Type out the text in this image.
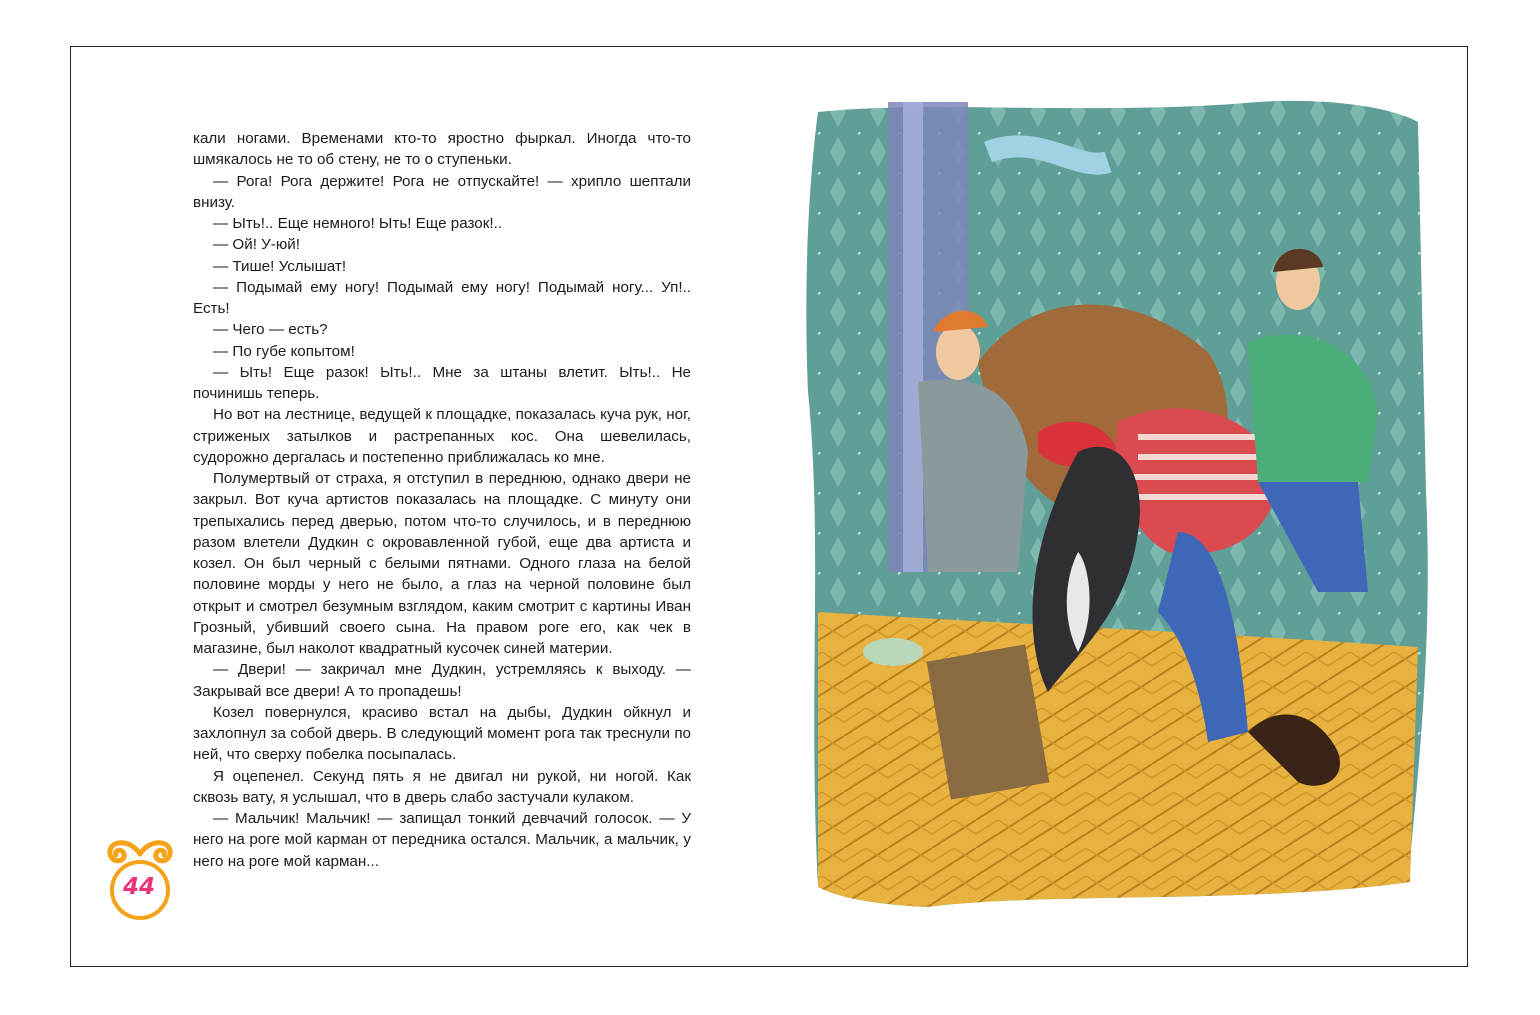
кали ногами. Временами кто-то яростно фыркал. Иногда что-то шмякалось не то об стену, не то о ступеньки.

— Рога! Рога держите! Рога не отпускайте! — хрипло шептали внизу.

— Ыть!.. Еще немного! Ыть! Еще разок!..

— Ой! У-юй!

— Тише! Услышат!

— Подымай ему ногу! Подымай ему ногу! Подымай ногу... Уп!.. Есть!

— Чего — есть?

— По губе копытом!

— Ыть! Еще разок! Ыть!.. Мне за штаны влетит. Ыть!.. Не починишь теперь.

Но вот на лестнице, ведущей к площадке, показалась куча рук, ног, стриженых затылков и растрепанных кос. Она шевелилась, судорожно дергалась и постепенно приближалась ко мне.

Полумертвый от страха, я отступил в переднюю, однако двери не закрыл. Вот куча артистов показалась на площадке. С минуту они трепыхались перед дверью, потом что-то случилось, и в переднюю разом влетели Дудкин с окровавленной губой, еще два артиста и козел. Он был черный с белыми пятнами. Одного глаза на белой половине морды у него не было, а глаз на черной половине был открыт и смотрел безумным взглядом, каким смотрит с картины Иван Грозный, убивший своего сына. На правом роге его, как чек в магазине, был наколот квадратный кусочек синей материи.

— Двери! — закричал мне Дудкин, устремляясь к выходу. — Закрывай все двери! А то пропадешь!

Козел повернулся, красиво встал на дыбы, Дудкин ойкнул и захлопнул за собой дверь. В следующий момент рога так треснули по ней, что сверху побелка посыпалась.

Я оцепенел. Секунд пять я не двигал ни рукой, ни ногой. Как сквозь вату, я услышал, что в дверь слабо застучали кулаком.

— Мальчик! Мальчик! — запищал тонкий девчачий голосок. — У него на роге мой карман от передника остался. Мальчик, а мальчик, у него на роге мой карман...

44
